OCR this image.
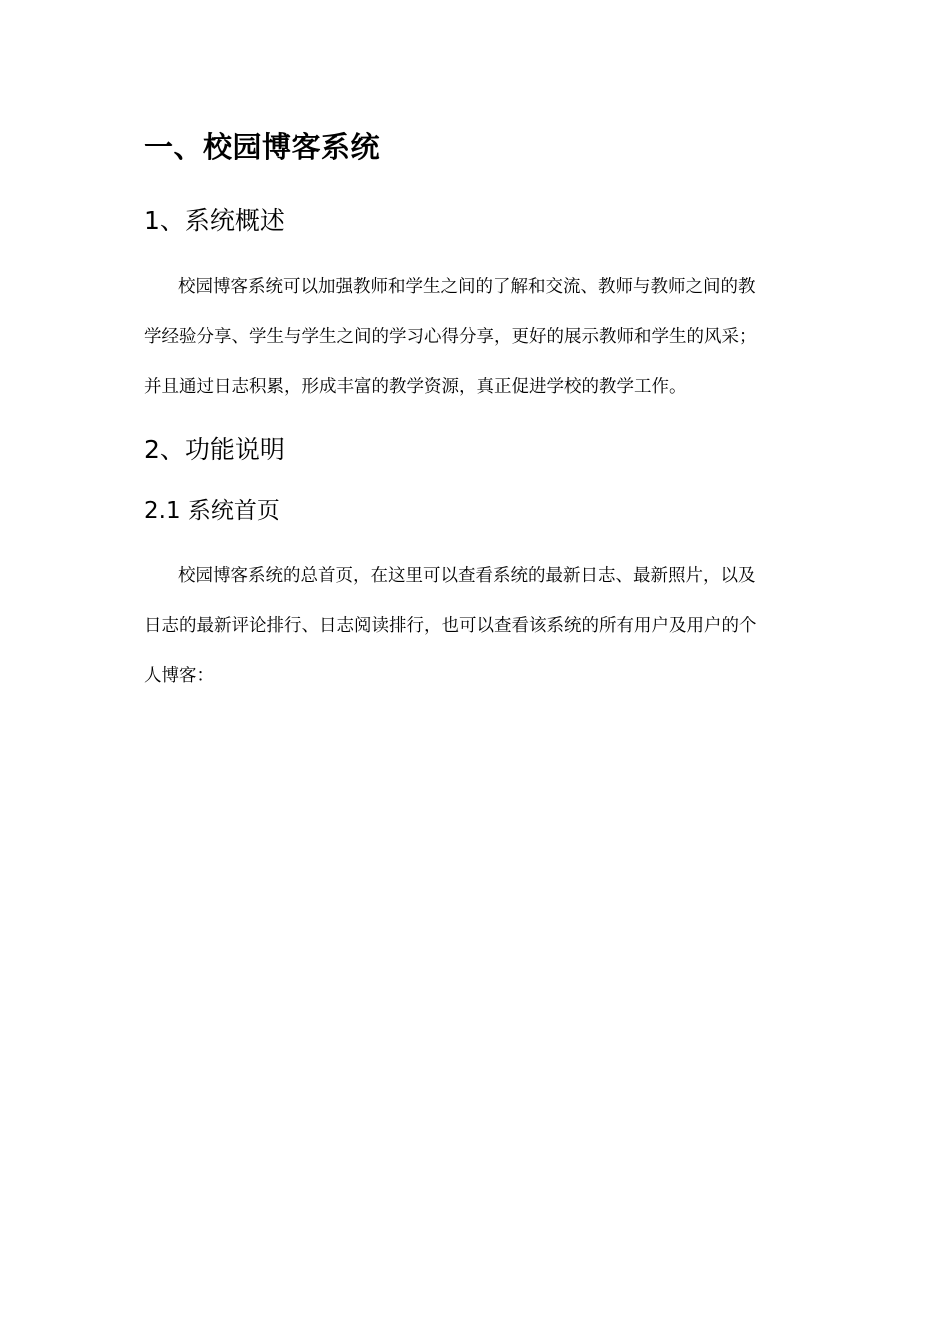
一、校园博客系统
1、系统概述
校园博客系统可以加强教师和学生之间的了解和交流、教师与教师之间的教
学经验分享、学生与学生之间的学习心得分享，更好的展示教师和学生的风采；
并且通过日志积累，形成丰富的教学资源，真正促进学校的教学工作。
2、功能说明
2.1 系统首页
校园博客系统的总首页，在这里可以查看系统的最新日志、最新照片，以及
日志的最新评论排行、日志阅读排行，也可以查看该系统的所有用户及用户的个
人博客：
